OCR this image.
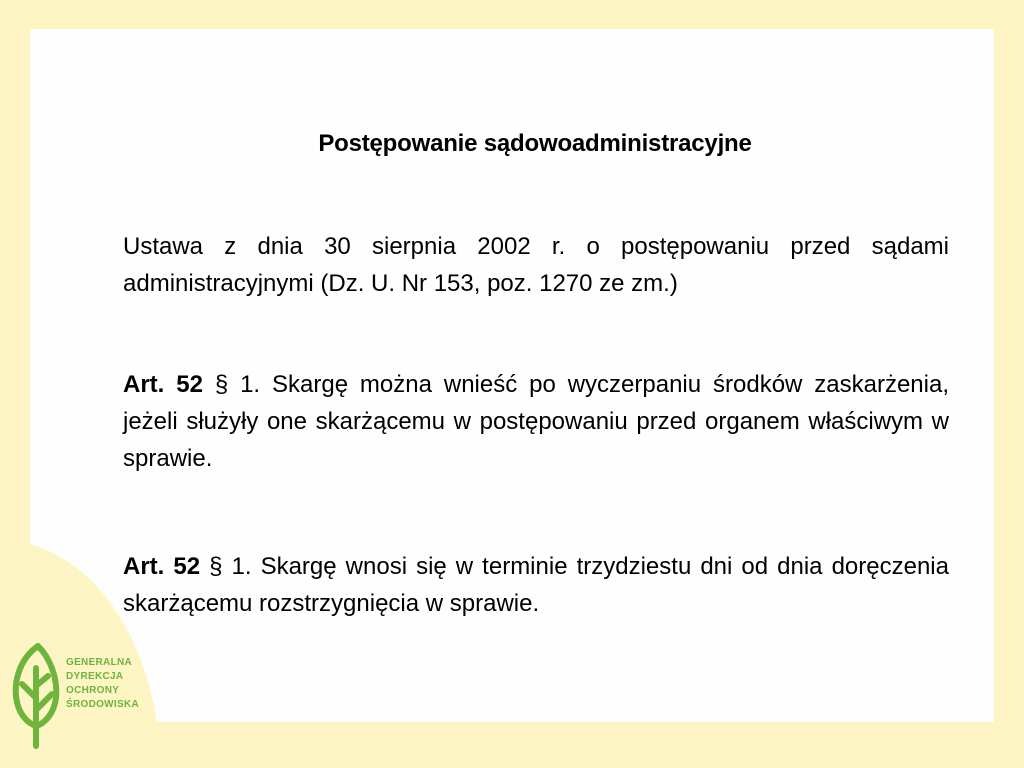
Postępowanie sądowoadministracyjne
Ustawa z dnia 30 sierpnia 2002 r. o postępowaniu przed sądami administracyjnymi (Dz. U. Nr 153, poz. 1270 ze zm.)
Art. 52 § 1. Skargę można wnieść po wyczerpaniu środków zaskarżenia, jeżeli służyły one skarżącemu w postępowaniu przed organem właściwym w sprawie.
Art. 52 § 1. Skargę wnosi się w terminie trzydziestu dni od dnia doręczenia skarżącemu rozstrzygnięcia w sprawie.
GENERALNA
DYREKCJA
OCHRONY
ŚRODOWISKA
